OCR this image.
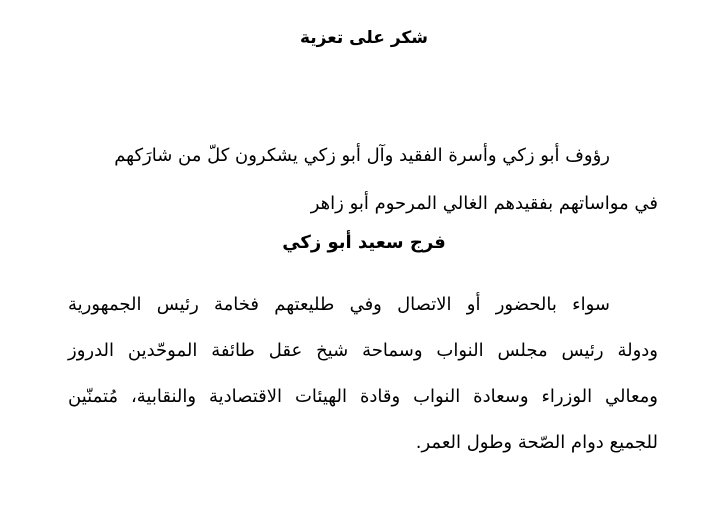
شكر على تعزية

رؤوف أبو زكي وأسرة الفقيد وآل أبو زكي يشكرون كلّ من شارَكهم
في مواساتهم بفقيدهم الغالي المرحوم أبو زاهر

فرج سعيد أبو زكي

سواء بالحضور أو الاتصال وفي طليعتهم فخامة رئيس الجمهورية
ودولة رئيس مجلس النواب وسماحة شيخ عقل طائفة الموحّدين الدروز
ومعالي الوزراء وسعادة النواب وقادة الهيئات الاقتصادية والنقابية، مُتمنّين
للجميع دوام الصّحة وطول العمر.
